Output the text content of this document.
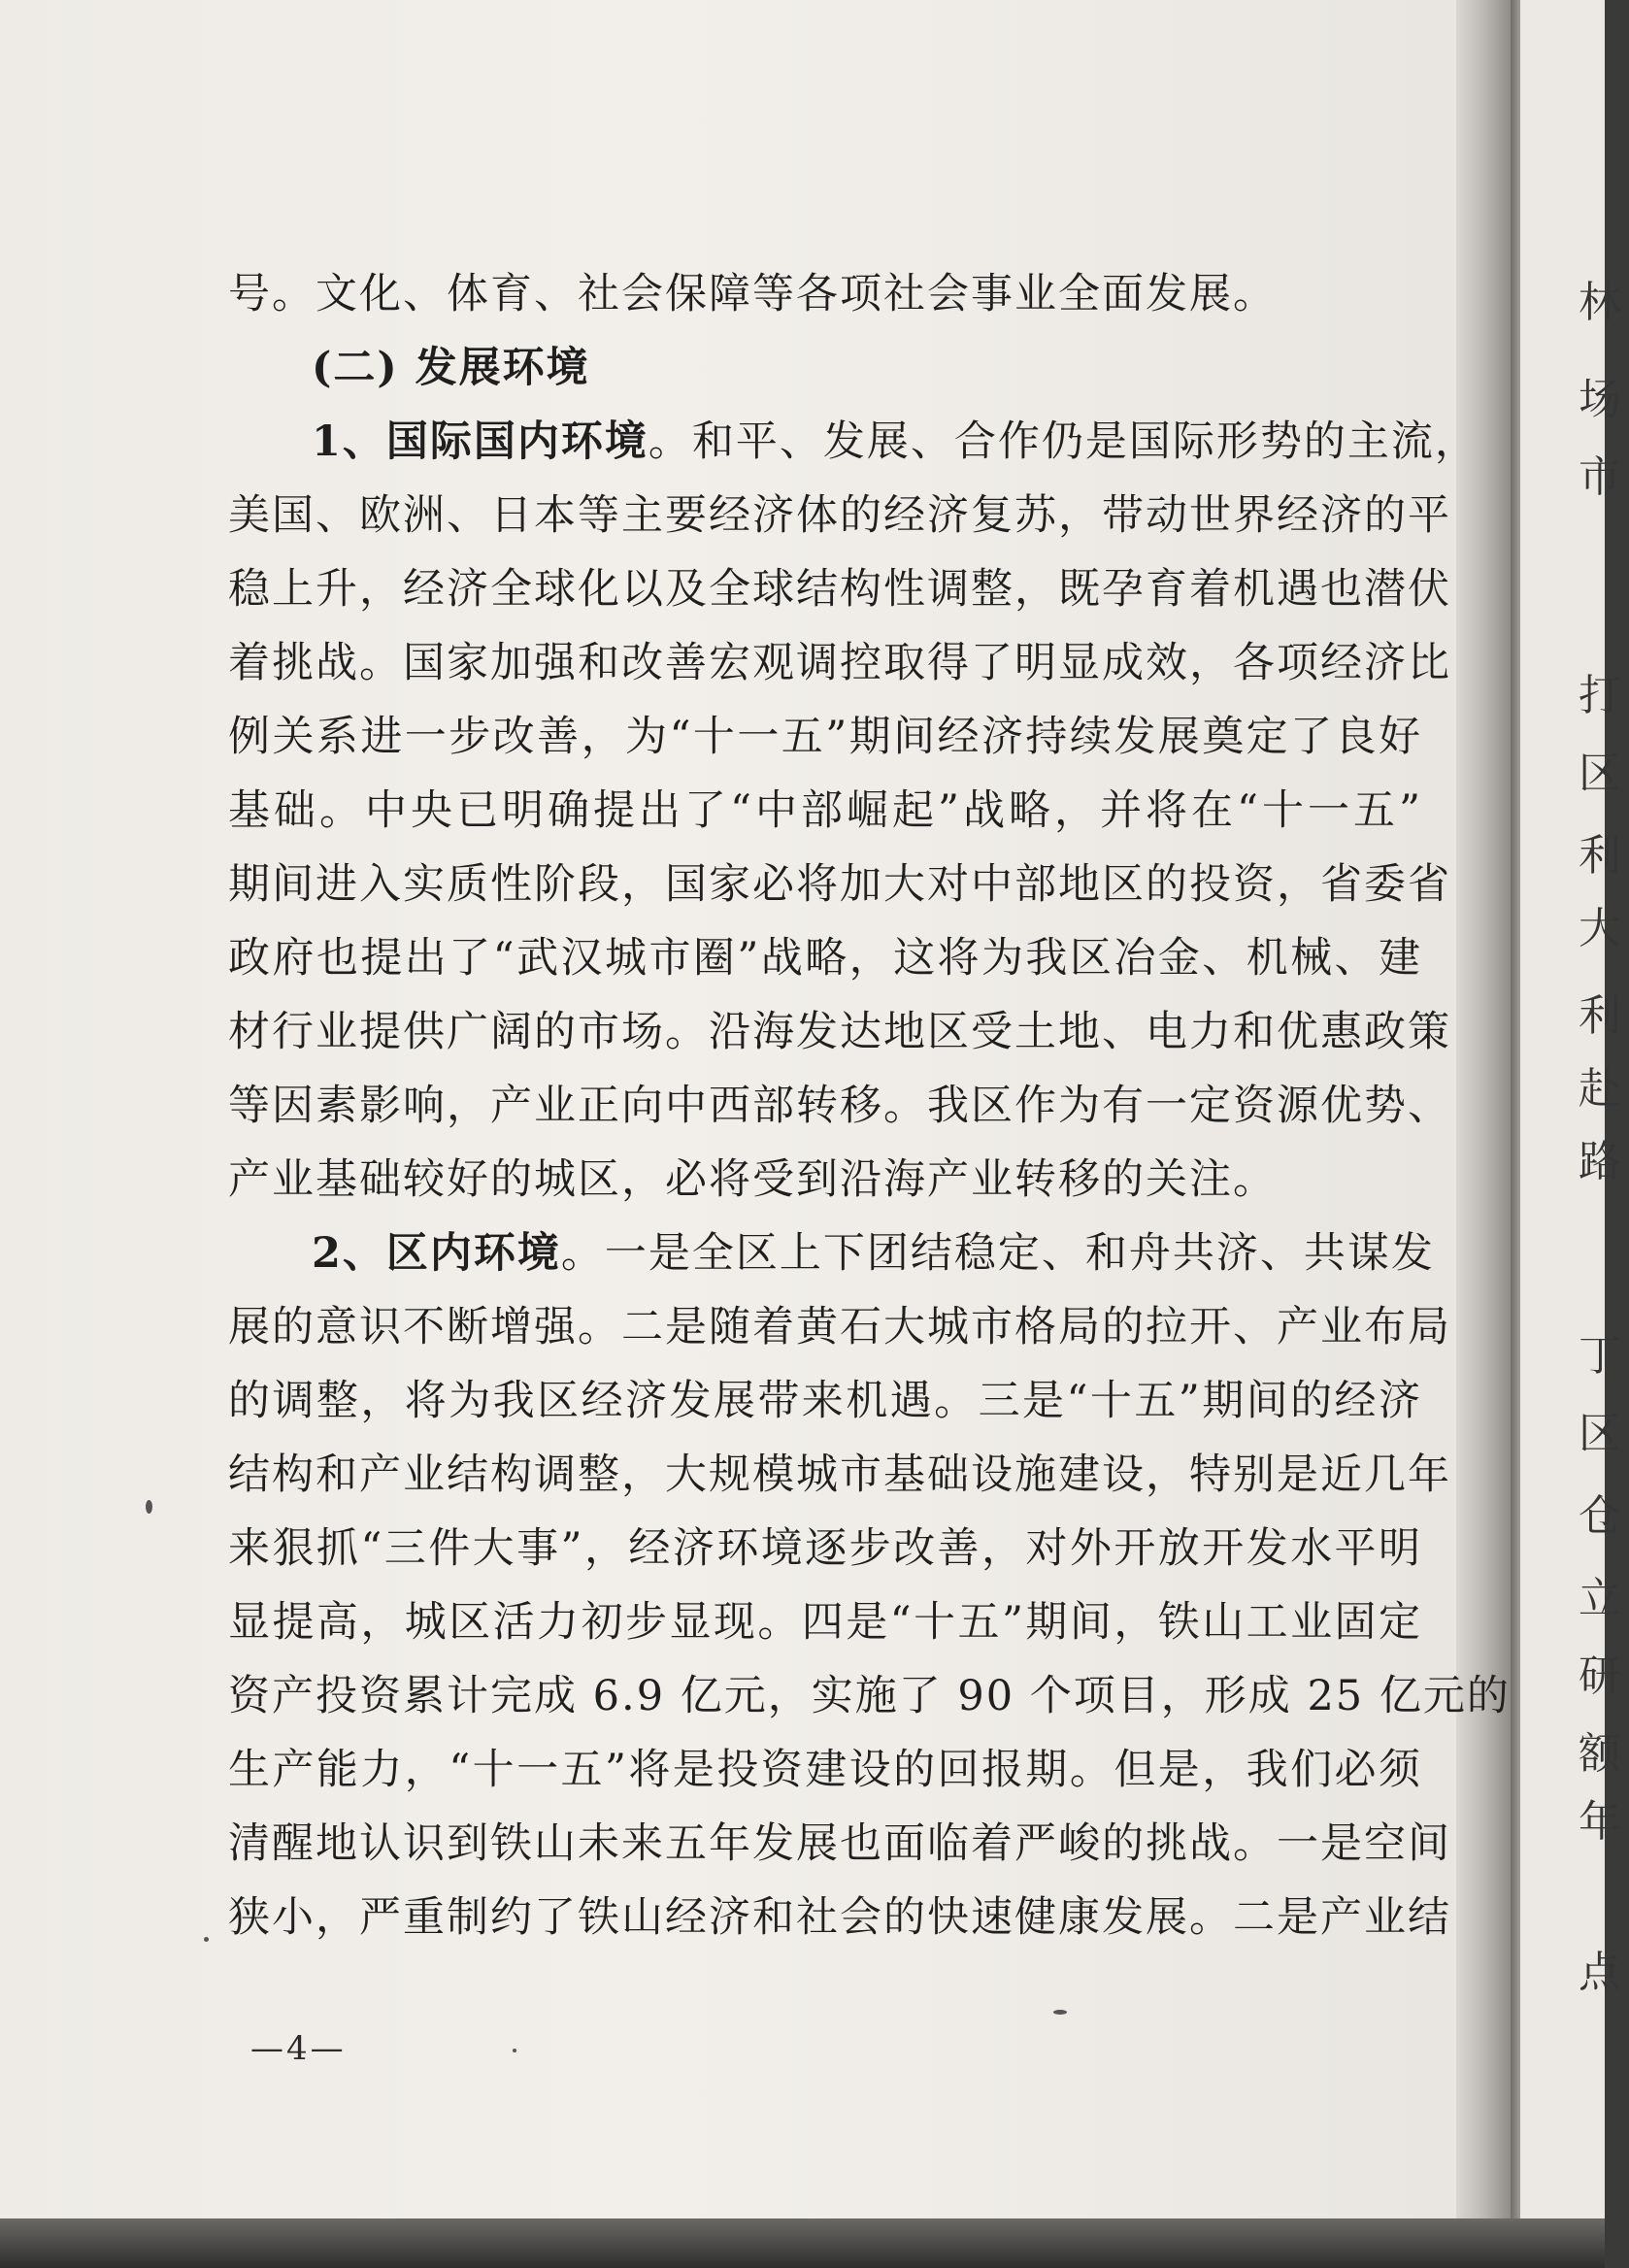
林
场
市
打
区
利
大
利
赴
路
丁
区
仓
立
研
额
年
点
号。文化、体育、社会保障等各项社会事业全面发展。
(二) 发展环境
1、国际国内环境。和平、发展、合作仍是国际形势的主流，
美国、欧洲、日本等主要经济体的经济复苏，带动世界经济的平
稳上升，经济全球化以及全球结构性调整，既孕育着机遇也潜伏
着挑战。国家加强和改善宏观调控取得了明显成效，各项经济比
例关系进一步改善，为“十一五”期间经济持续发展奠定了良好
基础。中央已明确提出了“中部崛起”战略，并将在“十一五”
期间进入实质性阶段，国家必将加大对中部地区的投资，省委省
政府也提出了“武汉城市圈”战略，这将为我区冶金、机械、建
材行业提供广阔的市场。沿海发达地区受土地、电力和优惠政策
等因素影响，产业正向中西部转移。我区作为有一定资源优势、
产业基础较好的城区，必将受到沿海产业转移的关注。
2、区内环境。一是全区上下团结稳定、和舟共济、共谋发
展的意识不断增强。二是随着黄石大城市格局的拉开、产业布局
的调整，将为我区经济发展带来机遇。三是“十五”期间的经济
结构和产业结构调整，大规模城市基础设施建设，特别是近几年
来狠抓“三件大事”，经济环境逐步改善，对外开放开发水平明
显提高，城区活力初步显现。四是“十五”期间，铁山工业固定
资产投资累计完成 6.9 亿元，实施了 90 个项目，形成 25 亿元的
生产能力，“十一五”将是投资建设的回报期。但是，我们必须
清醒地认识到铁山未来五年发展也面临着严峻的挑战。一是空间
狭小，严重制约了铁山经济和社会的快速健康发展。二是产业结
—4—
